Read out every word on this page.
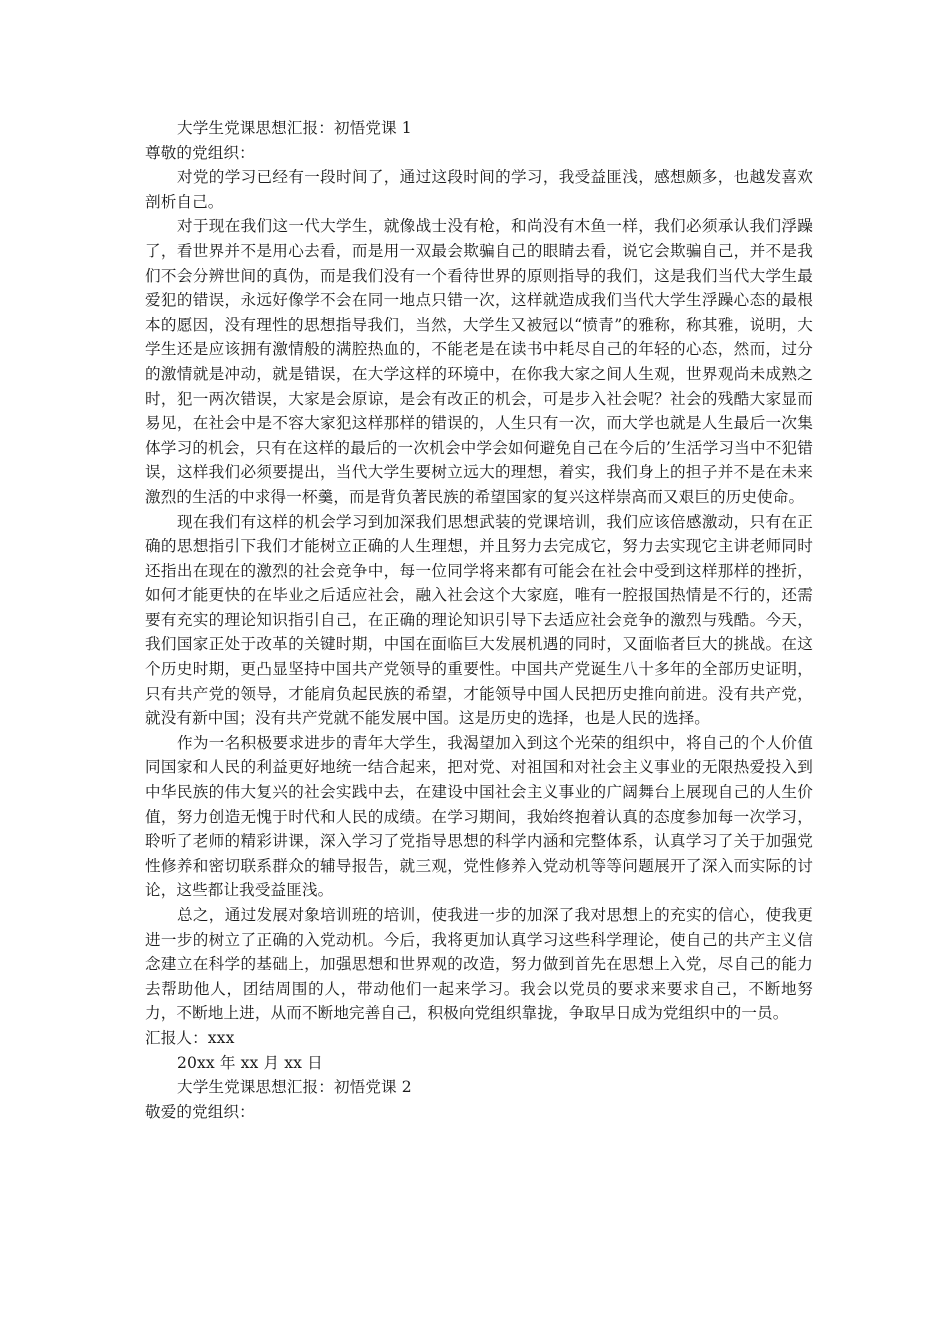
大学生党课思想汇报：初悟党课 1

尊敬的党组织：

对党的学习已经有一段时间了，通过这段时间的学习，我受益匪浅，感想颇多，也越发喜欢剖析自己。

对于现在我们这一代大学生，就像战士没有枪，和尚没有木鱼一样，我们必须承认我们浮躁了，看世界并不是用心去看，而是用一双最会欺骗自己的眼睛去看，说它会欺骗自己，并不是我们不会分辨世间的真伪，而是我们没有一个看待世界的原则指导的我们，这是我们当代大学生最爱犯的错误，永远好像学不会在同一地点只错一次，这样就造成我们当代大学生浮躁心态的最根本的愿因，没有理性的思想指导我们，当然，大学生又被冠以“愤青”的雅称，称其雅，说明，大学生还是应该拥有激情般的满腔热血的，不能老是在读书中耗尽自己的年轻的心态，然而，过分的激情就是冲动，就是错误，在大学这样的环境中，在你我大家之间人生观，世界观尚未成熟之时，犯一两次错误，大家是会原谅，是会有改正的机会，可是步入社会呢？社会的残酷大家显而易见，在社会中是不容大家犯这样那样的错误的，人生只有一次，而大学也就是人生最后一次集体学习的机会，只有在这样的最后的一次机会中学会如何避免自己在今后的’生活学习当中不犯错误，这样我们必须要提出，当代大学生要树立远大的理想，着实，我们身上的担子并不是在未来激烈的生活的中求得一杯羹，而是背负著民族的希望国家的复兴这样崇高而又艰巨的历史使命。

现在我们有这样的机会学习到加深我们思想武装的党课培训，我们应该倍感激动，只有在正确的思想指引下我们才能树立正确的人生理想，并且努力去完成它，努力去实现它主讲老师同时还指出在现在的激烈的社会竞争中，每一位同学将来都有可能会在社会中受到这样那样的挫折，如何才能更快的在毕业之后适应社会，融入社会这个大家庭，唯有一腔报国热情是不行的，还需要有充实的理论知识指引自己，在正确的理论知识引导下去适应社会竞争的激烈与残酷。今天，我们国家正处于改革的关键时期，中国在面临巨大发展机遇的同时，又面临者巨大的挑战。在这个历史时期，更凸显坚持中国共产党领导的重要性。中国共产党诞生八十多年的全部历史证明，只有共产党的领导，才能肩负起民族的希望，才能领导中国人民把历史推向前进。没有共产党，就没有新中国；没有共产党就不能发展中国。这是历史的选择，也是人民的选择。

作为一名积极要求进步的青年大学生，我渴望加入到这个光荣的组织中，将自己的个人价值同国家和人民的利益更好地统一结合起来，把对党、对祖国和对社会主义事业的无限热爱投入到中华民族的伟大复兴的社会实践中去，在建设中国社会主义事业的广阔舞台上展现自己的人生价值，努力创造无愧于时代和人民的成绩。在学习期间，我始终抱着认真的态度参加每一次学习，聆听了老师的精彩讲课，深入学习了党指导思想的科学内涵和完整体系，认真学习了关于加强党性修养和密切联系群众的辅导报告，就三观，党性修养入党动机等等问题展开了深入而实际的讨论，这些都让我受益匪浅。

总之，通过发展对象培训班的培训，使我进一步的加深了我对思想上的充实的信心，使我更进一步的树立了正确的入党动机。今后，我将更加认真学习这些科学理论，使自己的共产主义信念建立在科学的基础上，加强思想和世界观的改造，努力做到首先在思想上入党，尽自己的能力去帮助他人，团结周围的人，带动他们一起来学习。我会以党员的要求来要求自己，不断地努力，不断地上进，从而不断地完善自己，积极向党组织靠拢，争取早日成为党组织中的一员。

汇报人：xxx

20xx 年 xx 月 xx 日

大学生党课思想汇报：初悟党课 2

敬爱的党组织：
